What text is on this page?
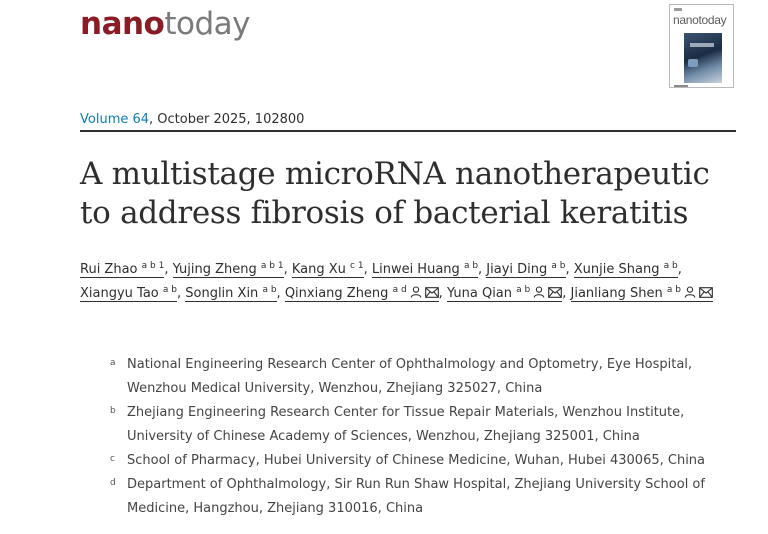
nanotoday	nanotoday
Volume 64, October 2025, 102800
A multistage microRNA nanotherapeutic to address fibrosis of bacterial keratitis
Rui Zhao $^{a b 1}$, Yujing Zheng $^{a b 1}$, Kang Xu $^{c 1}$, Linwei Huang $^{a b}$, Jiayi Ding $^{a b}$, Xunjie Shang $^{a b}$, Xiangyu Tao $^{a b}$, Songlin Xin $^{a b}$, Qinxiang Zheng $^{a d}$ , Yuna Qian $^{a b}$ , Jianliang Shen $^{a b}$
a National Engineering Research Center of Ophthalmology and Optometry, Eye Hospital, Wenzhou Medical University, Wenzhou, Zhejiang 325027, China
b Zhejiang Engineering Research Center for Tissue Repair Materials, Wenzhou Institute, University of Chinese Academy of Sciences, Wenzhou, Zhejiang 325001, China
c School of Pharmacy, Hubei University of Chinese Medicine, Wuhan, Hubei 430065, China
d Department of Ophthalmology, Sir Run Run Shaw Hospital, Zhejiang University School of Medicine, Hangzhou, Zhejiang 310016, China
